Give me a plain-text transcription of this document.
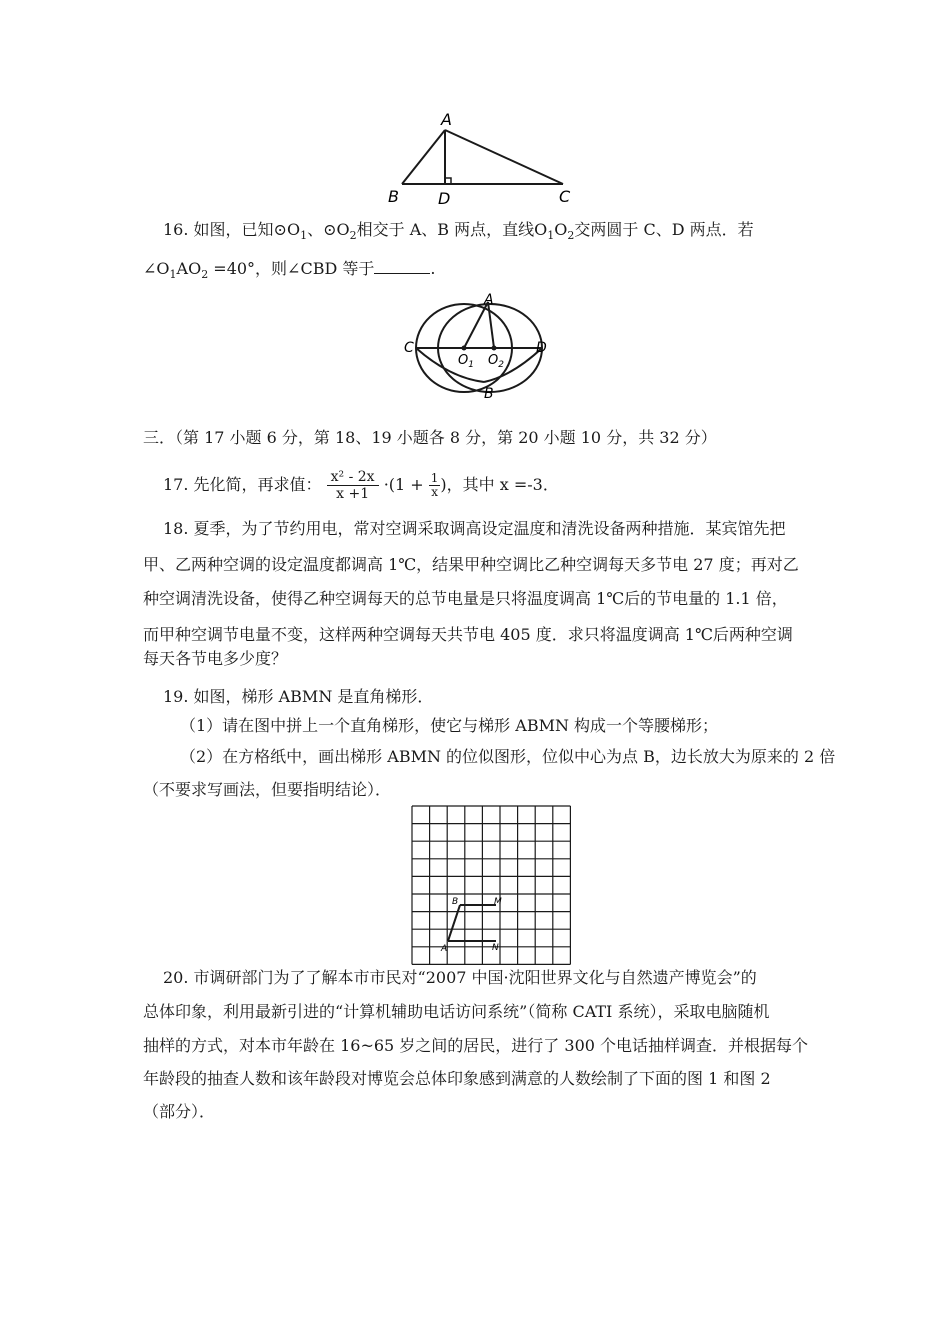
A
B D	C
16. 如图，已知$⊙O_1$、$⊙O_2$相交于 A、B 两点，直线$O_1O_2$交两圆于 C、D 两点．若
$\angle O_1AO_2 =40^\circ$，则∠CBD 等于	.
A
C
$O_1$ $O_2$
D
B
三．（第 17 小题 6 分，第 18、19 小题各 8 分，第 20 小题 10 分，共 32 分）
17. 先化简，再求值： $\frac{\text{x² - 2x}}{x +1} \cdot(1 + \frac{1}{x}$ )，其中 x =-3．
18. 夏季，为了节约用电，常对空调采取调高设定温度和清洗设备两种措施．某宾馆先把
甲、乙两种空调的设定温度都调高 1℃，结果甲种空调比乙种空调每天多节电 27 度；再对乙
种空调清洗设备，使得乙种空调每天的总节电量是只将温度调高 1℃后的节电量的 1.1 倍，
而甲种空调节电量不变，这样两种空调每天共节电 405 度．求只将温度调高 1℃后两种空调
每天各节电多少度？
19. 如图，梯形 ABMN 是直角梯形．
（1）请在图中拼上一个直角梯形，使它与梯形 ABMN 构成一个等腰梯形；
（2）在方格纸中，画出梯形 ABMN 的位似图形，位似中心为点 B，边长放大为原来的 2 倍
（不要求写画法，但要指明结论）．
B	M
A	N
20. 市调研部门为了了解本市市民对“2007 中国·沈阳世界文化与自然遗产博览会”的
总体印象，利用最新引进的“计算机辅助电话访问系统”（简称 CATI 系统），采取电脑随机
抽样的方式，对本市年龄在 16~65 岁之间的居民，进行了 300 个电话抽样调查．并根据每个
年龄段的抽查人数和该年龄段对博览会总体印象感到满意的人数绘制了下面的图 1 和图 2
（部分）．
